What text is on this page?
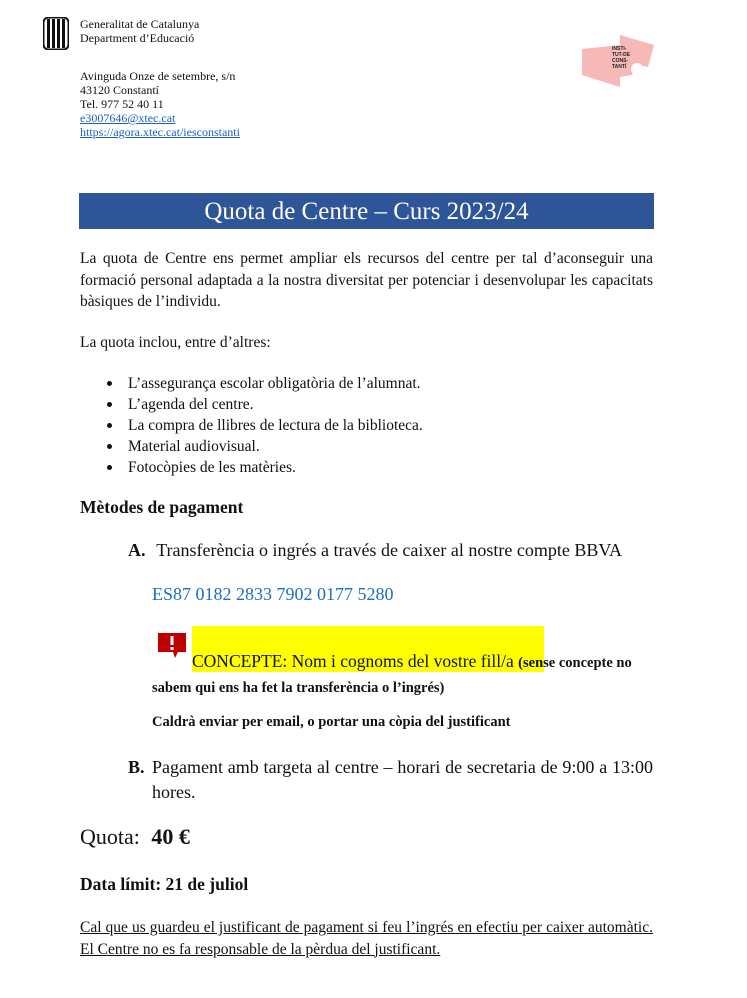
Generalitat de Catalunya
Department d’Educació
Avinguda Onze de setembre, s/n
43120 Constantí
Tel. 977 52 40 11
e3007646@xtec.cat
https://agora.xtec.cat/iesconstanti
INSTI-
TUT-DE
CONS-
TANTÍ
Quota de Centre – Curs 2023/24
La quota de Centre ens permet ampliar els recursos del centre per tal d’aconseguir una formació personal adaptada a la nostra diversitat per potenciar i desenvolupar les capacitats bàsiques de l’individu.
La quota inclou, entre d’altres:
L’assegurança escolar obligatòria de l’alumnat.
L’agenda del centre.
La compra de llibres de lectura de la biblioteca.
Material audiovisual.
Fotocòpies de les matèries.
Mètodes de pagament
A. Transferència o ingrés a través de caixer al nostre compte BBVA
ES87 0182 2833 7902 0177 5280
CONCEPTE: Nom i cognoms del vostre fill/a (sense concepte no sabem qui ens ha fet la transferència o l’ingrés)
Caldrà enviar per email, o portar una còpia del justificant
B. Pagament amb targeta al centre – horari de secretaria de 9:00 a 13:00 hores.
Quota: 40 €
Data límit: 21 de juliol
Cal que us guardeu el justificant de pagament si feu l’ingrés en efectiu per caixer automàtic. El Centre no es fa responsable de la pèrdua del justificant.
